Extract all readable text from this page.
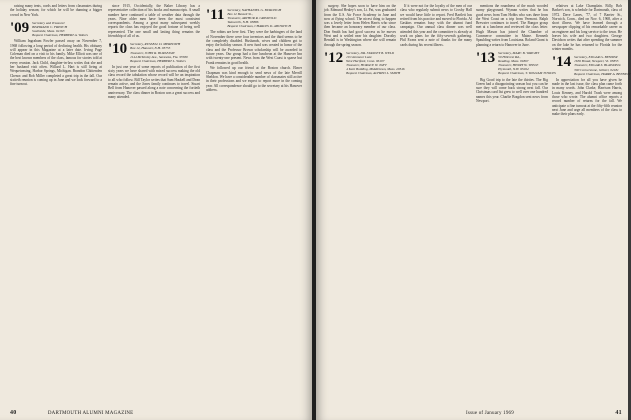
raising many tents, cords and letters from classmates during the holiday season; for which he will be dunning a bigger crowd in New York.

'09 Secretary and Treasurer
BERTRAND C. FRENCH
Southside, Mass. 02163
Bequest Chairman, HERBERT A. WAGG

William Ingraham Fowler passed away on November 7, 1968 following a long period of declining health. His obituary will appear in this Magazine at a later date. Irving Page Coleman died on a visit to his family. Mike Elliott was one of the best known members of the class, famous for stories told at every reunion. Jack Child, daughter-in-law writes that she and her husband visit often. Willard L. Hart is still living at Wequetonsing, Harbor Springs, Michigan. Brandon Chittenden Chenoc and Bob Miller completed a great trip in the fall. Our sixtieth reunion is coming up in June and we look forward to a fine turnout.

since 1915, Occidentally, the Baker Library has a representative collection of his books and manuscripts. A small number have continued a table of weather data through the years. Nine older men have been the most consistent correspondents. Among a great many subsequent weekly reports the class has enjoyed the good fortune of being well represented. The one small and lasting thing remains the friendship of all of us.

'10 Secretary, RUSSELL D. MEREDITH
Box 12, Hanover, N.H. 03755
Treasurer, JOHN R. BURLEIGH
1144 McKinley Ave., Sarasota, Fla. 33580
Bequest Chairman, HERBERT L. WAGG

In just one year of some reports of publication of the first sixty years we have shared with mixed success making the old class record the tabulation whose record will be an inspiration to all who follow. Bill Taylor writes that Sam Haskell and Dean remain active, and the Jones family continues to travel. Stuart Bell from Hanover passed along a note concerning the fortieth anniversary. The class dinner in Boston was a great success and many attended.

'11 Secretary, NATHANIEL G. BURLEIGH
Box 12 Bassett St.,
Treasurer, ARTHUR R. GRISWOLD
Tamworth, N.H. 03886
Bequest Chairman, CHARLES D. ABOWITCH

The robins are here first. They were the harbingers of the land of November there were four inventors and the third seems to be the completely disabled. Husbands, wives and children got to enjoy the holiday season. A new fund was created in honor of the class and the Professor Brown scholarship will be awarded in future years. Our group had a fine luncheon at the Hanover Inn with twenty-one present. News from the West Coast is sparse but Frank remains in good health.

We followed up our friend at the Boston church. Elmer Chapman was kind enough to send news of the late Merrill Sheldon. We have a considerable number of classmates still active in their professions and we expect to report more in the coming year. All correspondence should go to the secretary at his Hanover address.

40	DARTMOUTH ALUMNI MAGAZINE

surgery. She hopes soon to have him on the job. Edmund Healey's son, Lt. Pat, was graduated from the U.S. Air Force Academy in June and now at flying school. The nicest thing to happen was a lovely letter from Helen Harris who since then became an honorary member of our class. Don Smith has had good success as he moves West and is settled near his daughter. Dorothy Rendall is in Washington where she will remain through the spring season.

'12 Secretary, DR. STANLEY B. WELD
19 Glenmoor Lane
West Hartford, Conn. 06107
Treasurer, HORACE W. TAFT
4 Kent Building, Middletown, Mass. 20346
Bequest Chairman, ALFRED L. SMITH

If it were not for the loyalty of the men of our class who regularly submit news to Crosby Hall we would have little to report. Fred Bartlett has retired from his practice and moved to Florida. Al Gaskins remains busy with the alumni fund campaign. Our annual class dinner was well attended this year and the committee is already at work on plans for the fifty-seventh gathering. Phil Evans sent a note of thanks for the many cards during his recent illness.

mentions the roundness of the much wooded sunny playground. Wyman writes that he has good news from Tom Hobbs who was there from the West Coast on a trip from Vermont. Ralph Brewster continues to travel. The Bangor group met at a luncheon and reviewed the class letter. Hugh Mason has joined the Chamber of Commerce committee in Maine. Kenneth Spaulding writes from Louisiana. Roland Grant is planning a return to Hanover in June.

'13 Secretary, MARC B. WRIGHT
50 Hillcrest Rd.,
Reading, Mass. 01867
Treasurer, HENRY W. TEELE
Plymouth, N.H. 03264
Bequest Chairman, T. WILLIAM TOWLES

Big Good trip to the late the thirties. The Big Green had a disappointing season but you can be sure they will come back strong next fall. Our Christmas card list grew to well over one hundred names this year. Charlie Bragdon sent news from Newport.

relatives at Lake Champlain. Billy, Bob Barker's son, is schedule for Dartmouth, class of 1972. Dave Lanes, '77, of 7 Barrier St., Norwich, Conn., died on Nov. 6, 1968, after a short illness. We have learned through a newspaper clipping of his remarkable career as an engineer and his long service to the town. He leaves his wife and two daughters. George Davidson writes that after spending the summer on the lake he has returned to Florida for the winter months.

'14 Secretary, EDGAR G. BENNER
1656 Broad, Newport, Vt. 05855
Treasurer, EDGAR S. BLAISDELL
300 Cornerstone, Gilbert, 02181
Bequest Chairman, HARRY A. BENNETT

In appreciation for all you have given he made in the last issue, the class plan came forth in many words. John Clarke, Harrison Harris, Louis Kenney, and Harold Trask were among those who wrote. The alumni office reports a record number of returns for the fall. We anticipate a fine turnout at the fifty-fifth reunion next June and urge all members of the class to make their plans early.

Issue of January 1969	41
